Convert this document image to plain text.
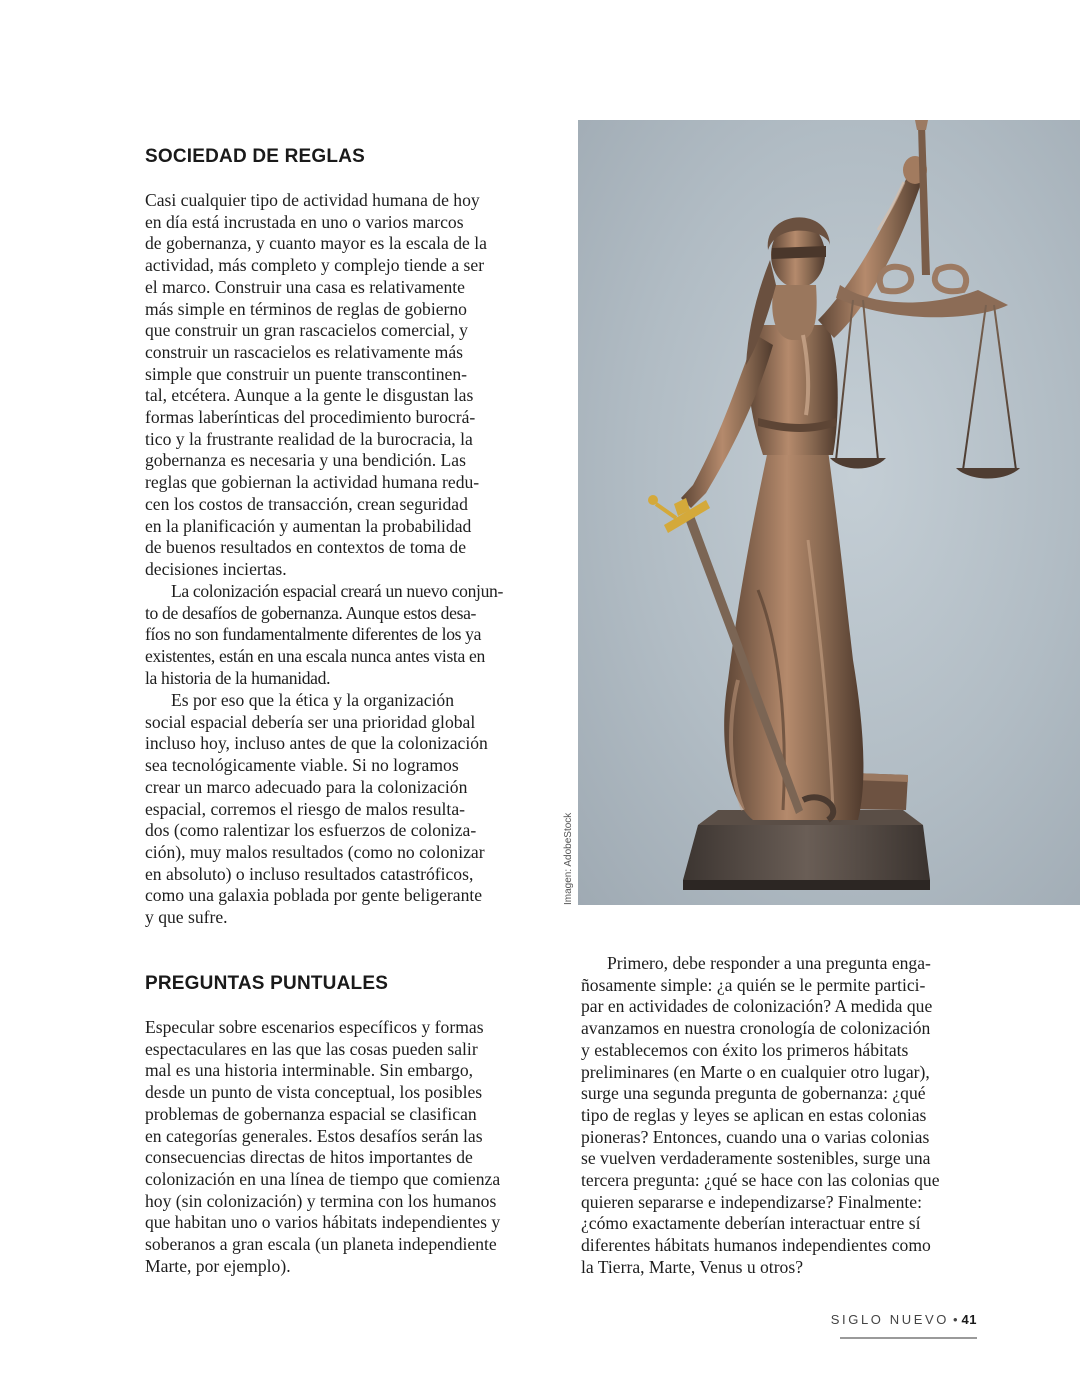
SOCIEDAD DE REGLAS

Casi cualquier tipo de actividad humana de hoy

en día está incrustada en uno o varios marcos

de gobernanza, y cuanto mayor es la escala de la

actividad, más completo y complejo tiende a ser

el marco. Construir una casa es relativamente

más simple en términos de reglas de gobierno

que construir un gran rascacielos comercial, y

construir un rascacielos es relativamente más

simple que construir un puente transcontinen-

tal, etcétera. Aunque a la gente le disgustan las

formas laberínticas del procedimiento burocrá-

tico y la frustrante realidad de la burocracia, la

gobernanza es necesaria y una bendición. Las

reglas que gobiernan la actividad humana redu-

cen los costos de transacción, crean seguridad

en la planificación y aumentan la probabilidad

de buenos resultados en contextos de toma de

decisiones inciertas.

La colonización espacial creará un nuevo conjun-

to de desafíos de gobernanza. Aunque estos desa-

fíos no son fundamentalmente diferentes de los ya

existentes, están en una escala nunca antes vista en

la historia de la humanidad.

Es por eso que la ética y la organización

social espacial debería ser una prioridad global

incluso hoy, incluso antes de que la colonización

sea tecnológicamente viable. Si no logramos

crear un marco adecuado para la colonización

espacial, corremos el riesgo de malos resulta-

dos (como ralentizar los esfuerzos de coloniza-

ción), muy malos resultados (como no colonizar

en absoluto) o incluso resultados catastróficos,

como una galaxia poblada por gente beligerante

y que sufre.

Imagen: AdobeStock
PREGUNTAS PUNTUALES

Especular sobre escenarios específicos y formas

espectaculares en las que las cosas pueden salir

mal es una historia interminable. Sin embargo,

desde un punto de vista conceptual, los posibles

problemas de gobernanza espacial se clasifican

en categorías generales. Estos desafíos serán las

consecuencias directas de hitos importantes de

colonización en una línea de tiempo que comienza

hoy (sin colonización) y termina con los humanos

que habitan uno o varios hábitats independientes y

soberanos a gran escala (un planeta independiente

Marte, por ejemplo).

Primero, debe responder a una pregunta enga-

ñosamente simple: ¿a quién se le permite partici-

par en actividades de colonización? A medida que

avanzamos en nuestra cronología de colonización

y establecemos con éxito los primeros hábitats

preliminares (en Marte o en cualquier otro lugar),

surge una segunda pregunta de gobernanza: ¿qué

tipo de reglas y leyes se aplican en estas colonias

pioneras? Entonces, cuando una o varias colonias

se vuelven verdaderamente sostenibles, surge una

tercera pregunta: ¿qué se hace con las colonias que

quieren separarse e independizarse? Finalmente:

¿cómo exactamente deberían interactuar entre sí

diferentes hábitats humanos independientes como

la Tierra, Marte, Venus u otros?

SIGLO NUEVO • 41
